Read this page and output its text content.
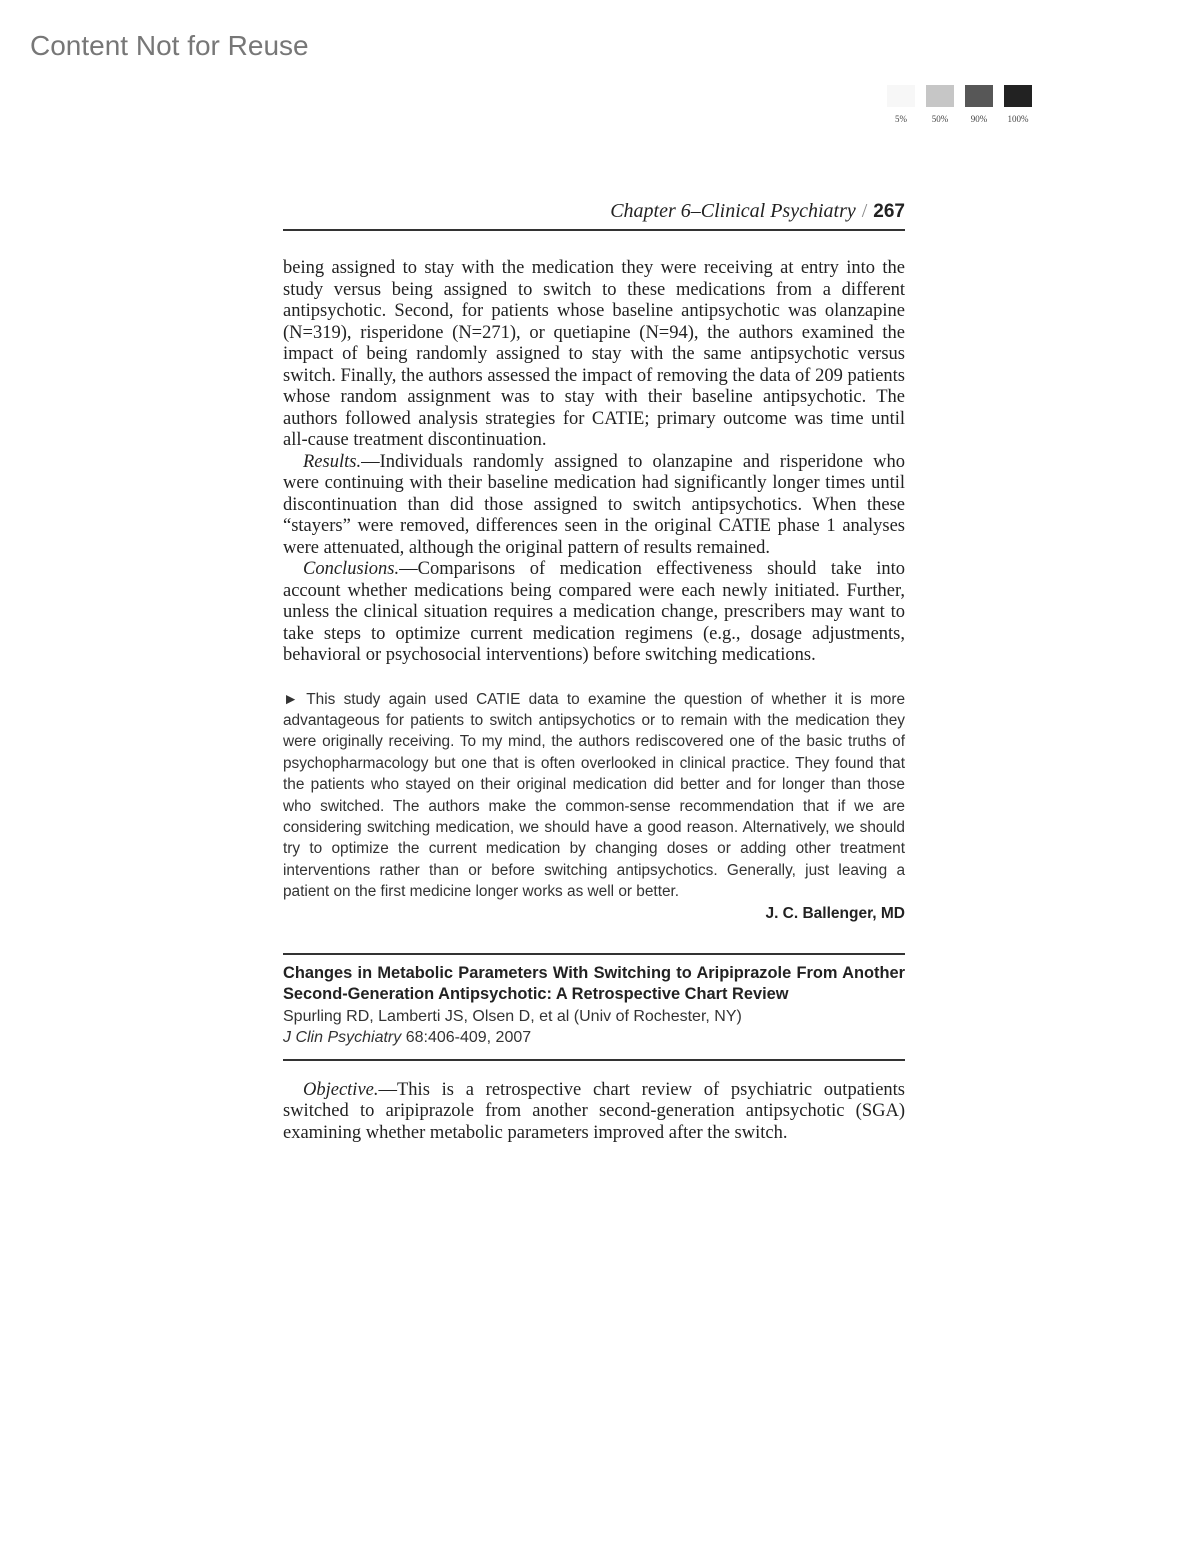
Content Not for Reuse
5%	50%	90%	100%
Chapter 6–Clinical Psychiatry / 267

being assigned to stay with the medication they were receiving at entry into the study versus being assigned to switch to these medications from a different antipsychotic. Second, for patients whose baseline antipsychotic was olanzapine (N=319), risperidone (N=271), or quetiapine (N=94), the authors examined the impact of being randomly assigned to stay with the same antipsychotic versus switch. Finally, the authors assessed the impact of removing the data of 209 patients whose random assignment was to stay with their baseline antipsychotic. The authors followed analysis strategies for CATIE; primary outcome was time until all-cause treatment discontinuation.

Results.—Individuals randomly assigned to olanzapine and risperidone who were continuing with their baseline medication had significantly longer times until discontinuation than did those assigned to switch antipsychotics. When these “stayers” were removed, differences seen in the original CATIE phase 1 analyses were attenuated, although the original pattern of results remained.

Conclusions.—Comparisons of medication effectiveness should take into account whether medications being compared were each newly initiated. Further, unless the clinical situation requires a medication change, prescribers may want to take steps to optimize current medication regimens (e.g., dosage adjustments, behavioral or psychosocial interventions) before switching medications.

► This study again used CATIE data to examine the question of whether it is more advantageous for patients to switch antipsychotics or to remain with the medication they were originally receiving. To my mind, the authors rediscovered one of the basic truths of psychopharmacology but one that is often overlooked in clinical practice. They found that the patients who stayed on their original medication did better and for longer than those who switched. The authors make the common-sense recommendation that if we are considering switching medication, we should have a good reason. Alternatively, we should try to optimize the current medication by changing doses or adding other treatment interventions rather than or before switching antipsychotics. Generally, just leaving a patient on the first medicine longer works as well or better.
J. C. Ballenger, MD

Changes in Metabolic Parameters With Switching to Aripiprazole From Another Second-Generation Antipsychotic: A Retrospective Chart Review

Spurling RD, Lamberti JS, Olsen D, et al (Univ of Rochester, NY)
J Clin Psychiatry 68:406-409, 2007

Objective.—This is a retrospective chart review of psychiatric outpatients switched to aripiprazole from another second-generation antipsychotic (SGA) examining whether metabolic parameters improved after the switch.
